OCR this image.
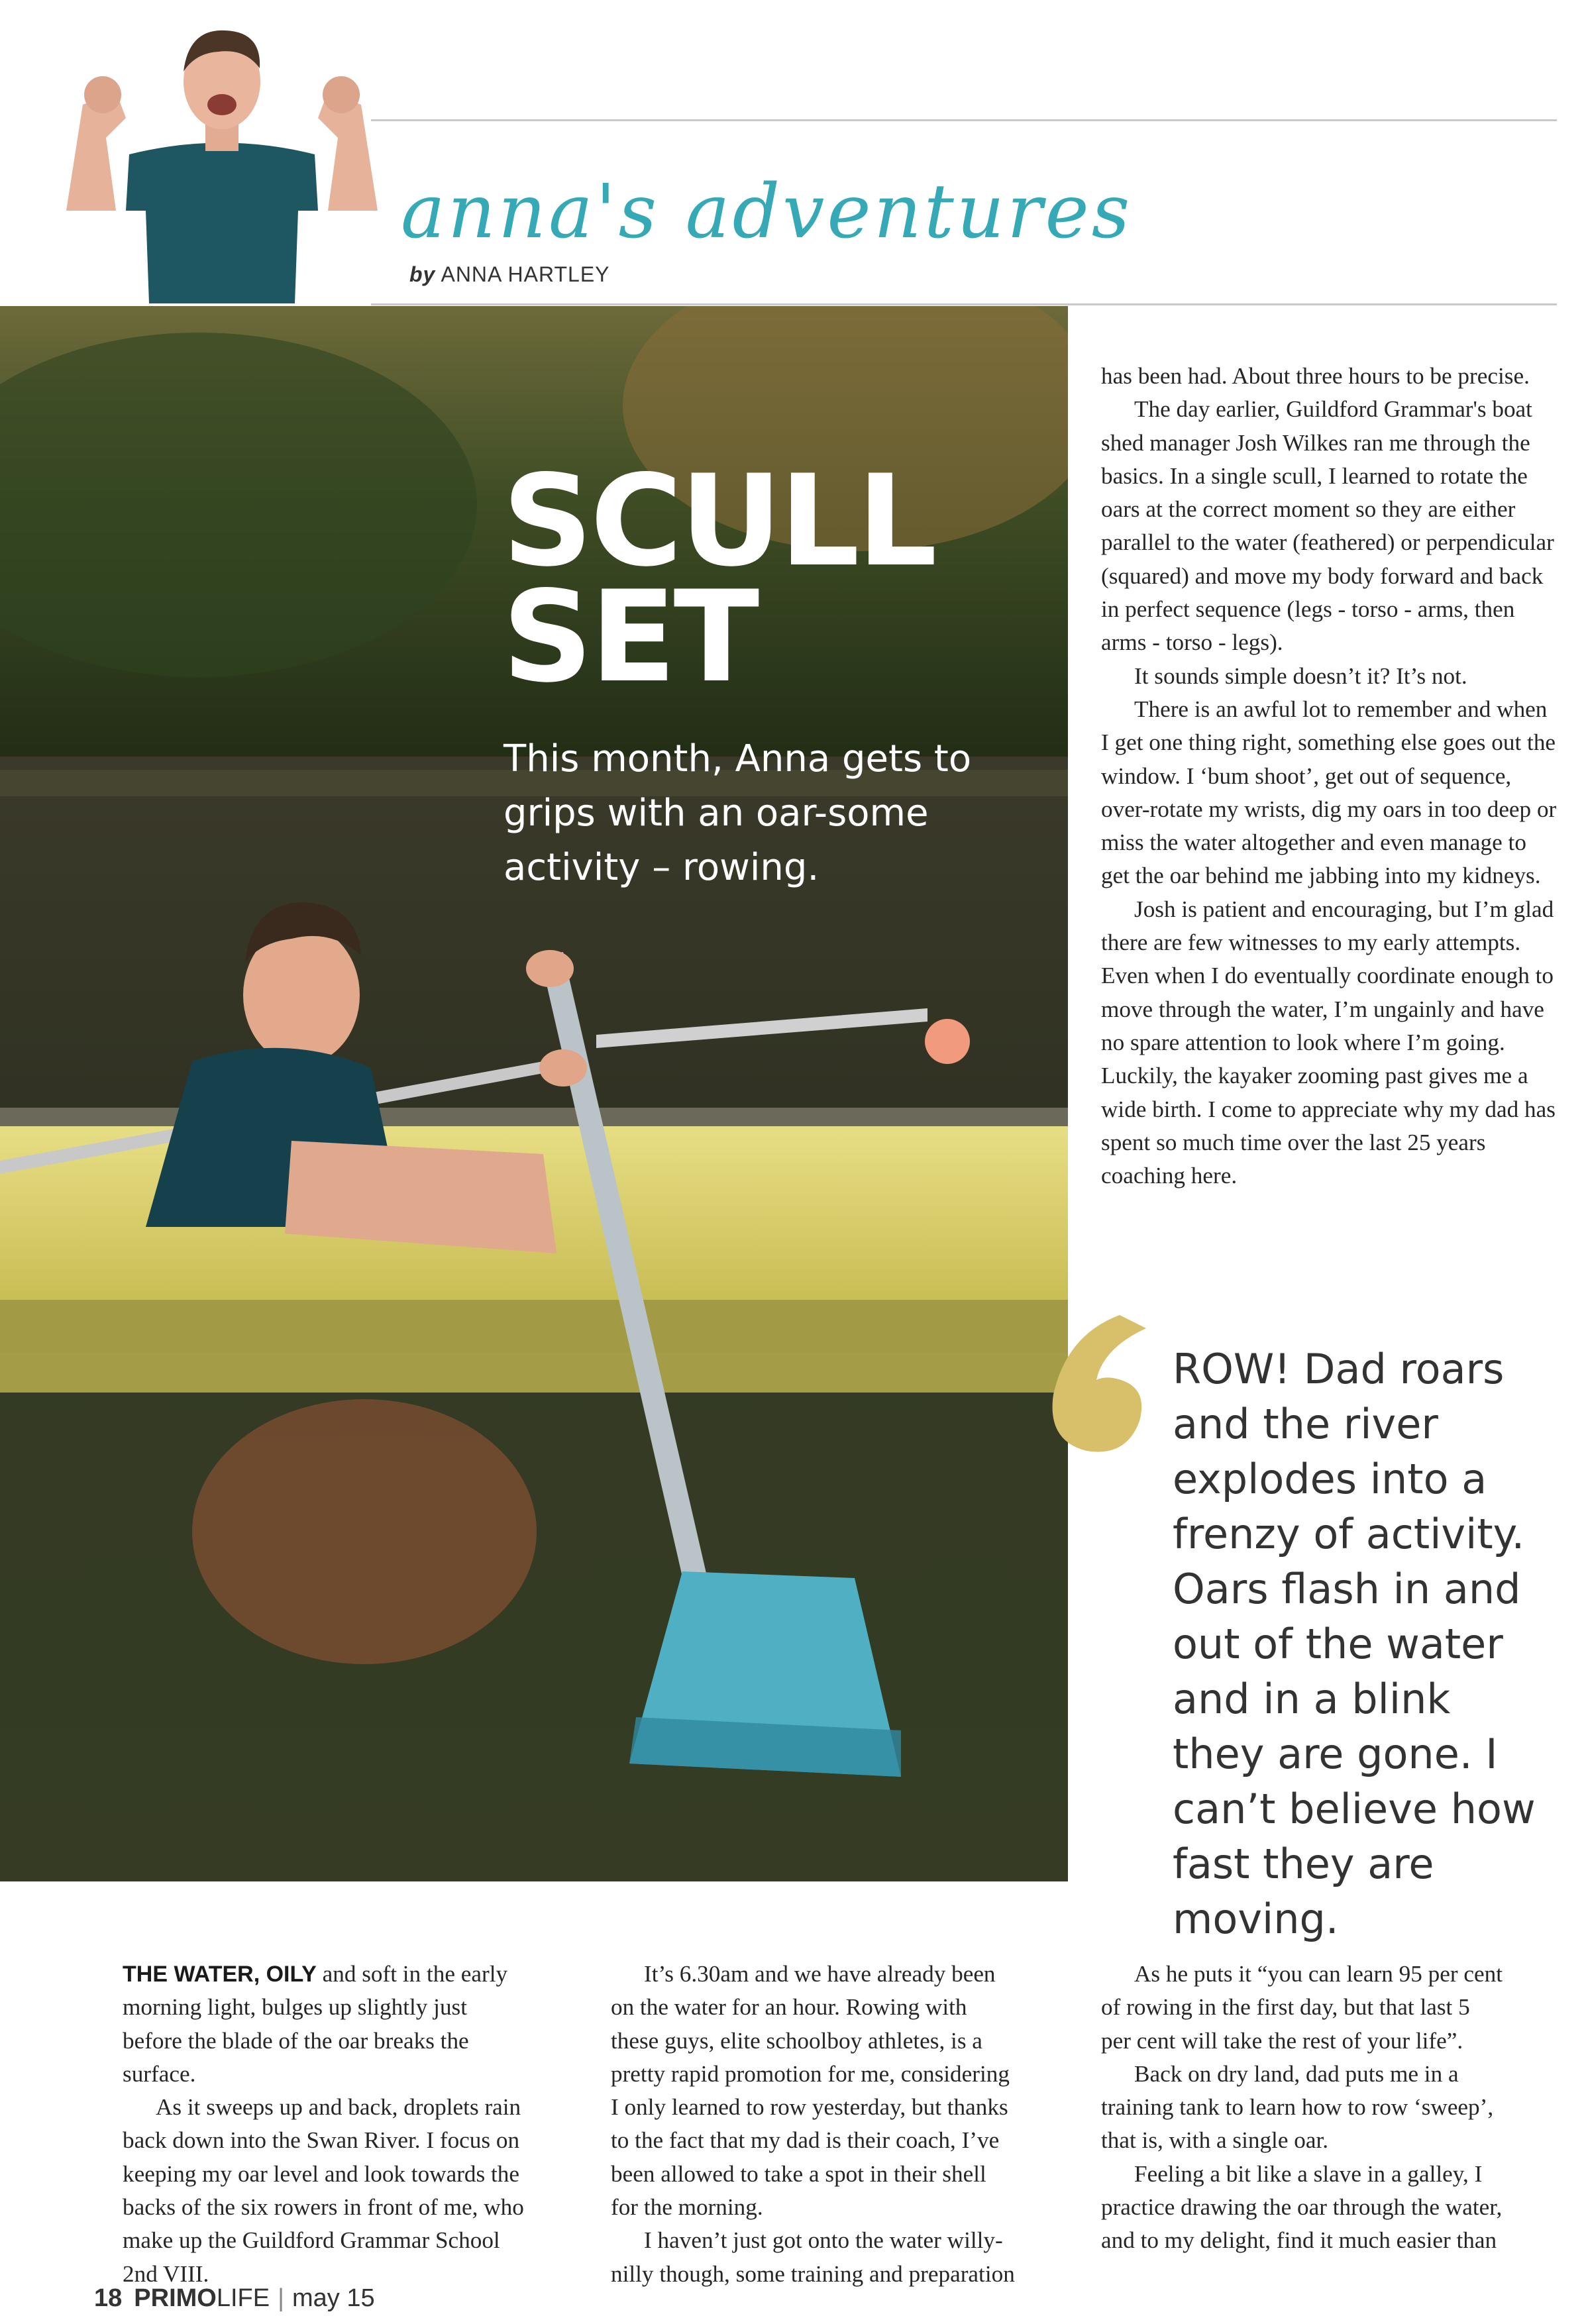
anna's adventures
by ANNA HARTLEY
SCULL
SET
This month, Anna gets to grips with an oar-some activity – rowing.

has been had. About three hours to be precise.

The day earlier, Guildford Grammar's boat shed manager Josh Wilkes ran me through the basics. In a single scull, I learned to rotate the oars at the correct moment so they are either parallel to the water (feathered) or perpendicular (squared) and move my body forward and back in perfect sequence (legs - torso - arms, then arms - torso - legs).

It sounds simple doesn’t it? It’s not.

There is an awful lot to remember and when I get one thing right, something else goes out the window. I ‘bum shoot’, get out of sequence, over-rotate my wrists, dig my oars in too deep or miss the water altogether and even manage to get the oar behind me jabbing into my kidneys.

Josh is patient and encouraging, but I’m glad there are few witnesses to my early attempts. Even when I do eventually coordinate enough to move through the water, I’m ungainly and have no spare attention to look where I’m going. Luckily, the kayaker zooming past gives me a wide birth. I come to appreciate why my dad has spent so much time over the last 25 years coaching here.

ROW! Dad roars and the river explodes into a frenzy of activity. Oars flash in and out of the water and in a blink they are gone. I can’t believe how fast they are moving.

THE WATER, OILY and soft in the early morning light, bulges up slightly just before the blade of the oar breaks the surface.

As it sweeps up and back, droplets rain back down into the Swan River. I focus on keeping my oar level and look towards the backs of the six rowers in front of me, who make up the Guildford Grammar School 2nd VIII.

It’s 6.30am and we have already been on the water for an hour. Rowing with these guys, elite schoolboy athletes, is a pretty rapid promotion for me, considering I only learned to row yesterday, but thanks to the fact that my dad is their coach, I’ve been allowed to take a spot in their shell for the morning.

I haven’t just got onto the water willy-nilly though, some training and preparation

As he puts it “you can learn 95 per cent of rowing in the first day, but that last 5 per cent will take the rest of your life”.

Back on dry land, dad puts me in a training tank to learn how to row ‘sweep’, that is, with a single oar.

Feeling a bit like a slave in a galley, I practice drawing the oar through the water, and to my delight, find it much easier than

18 PRIMOLIFE | may 15
